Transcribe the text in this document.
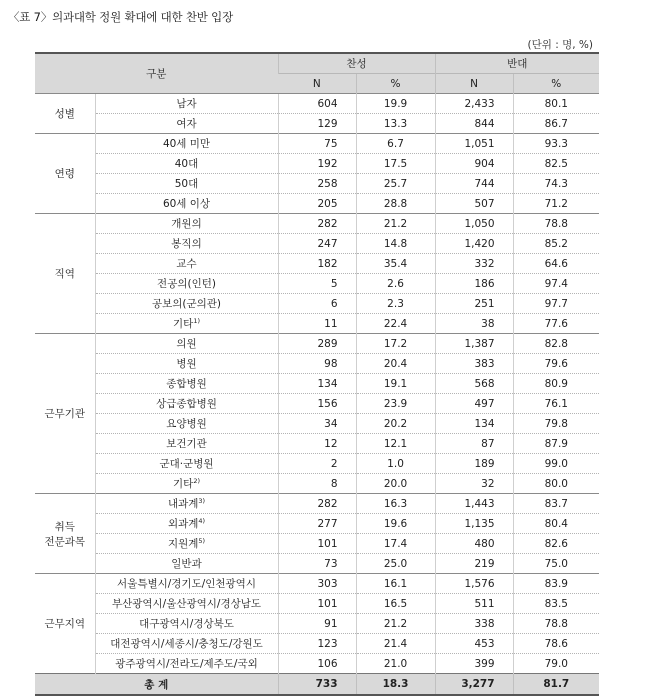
〈표 7〉의과대학 정원 확대에 대한 찬반 입장
(단위 : 명, %)
구분		찬성		반대	
		N	%	N	%
성별	남자	604	19.9	2,433	80.1
	여자	129	13.3	844	86.7
연령	40세 미만	75	6.7	1,051	93.3
	40대	192	17.5	904	82.5
	50대	258	25.7	744	74.3
	60세 이상	205	28.8	507	71.2
직역	개원의	282	21.2	1,050	78.8
	봉직의	247	14.8	1,420	85.2
	교수	182	35.4	332	64.6
	전공의(인턴)	5	2.6	186	97.4
	공보의(군의관)	6	2.3	251	97.7
	기타$^{1)}$	11	22.4	38	77.6
근무기관	의원	289	17.2	1,387	82.8
	병원	98	20.4	383	79.6
	종합병원	134	19.1	568	80.9
	상급종합병원	156	23.9	497	76.1
	요양병원	34	20.2	134	79.8
	보건기관	12	12.1	87	87.9
	군대·군병원	2	1.0	189	99.0
	기타$^{2)}$	8	20.0	32	80.0
취득
전문과목	내과계$^{3)}$	282	16.3	1,443	83.7
	외과계$^{4)}$	277	19.6	1,135	80.4
	지원계$^{5)}$	101	17.4	480	82.6
	일반과	73	25.0	219	75.0
근무지역	서울특별시/경기도/인천광역시	303	16.1	1,576	83.9
	부산광역시/울산광역시/경상남도	101	16.5	511	83.5
	대구광역시/경상북도	91	21.2	338	78.8
	대전광역시/세종시/충청도/강원도	123	21.4	453	78.6
	광주광역시/전라도/제주도/국외	106	21.0	399	79.0
총 계		733	18.3	3,277	81.7
